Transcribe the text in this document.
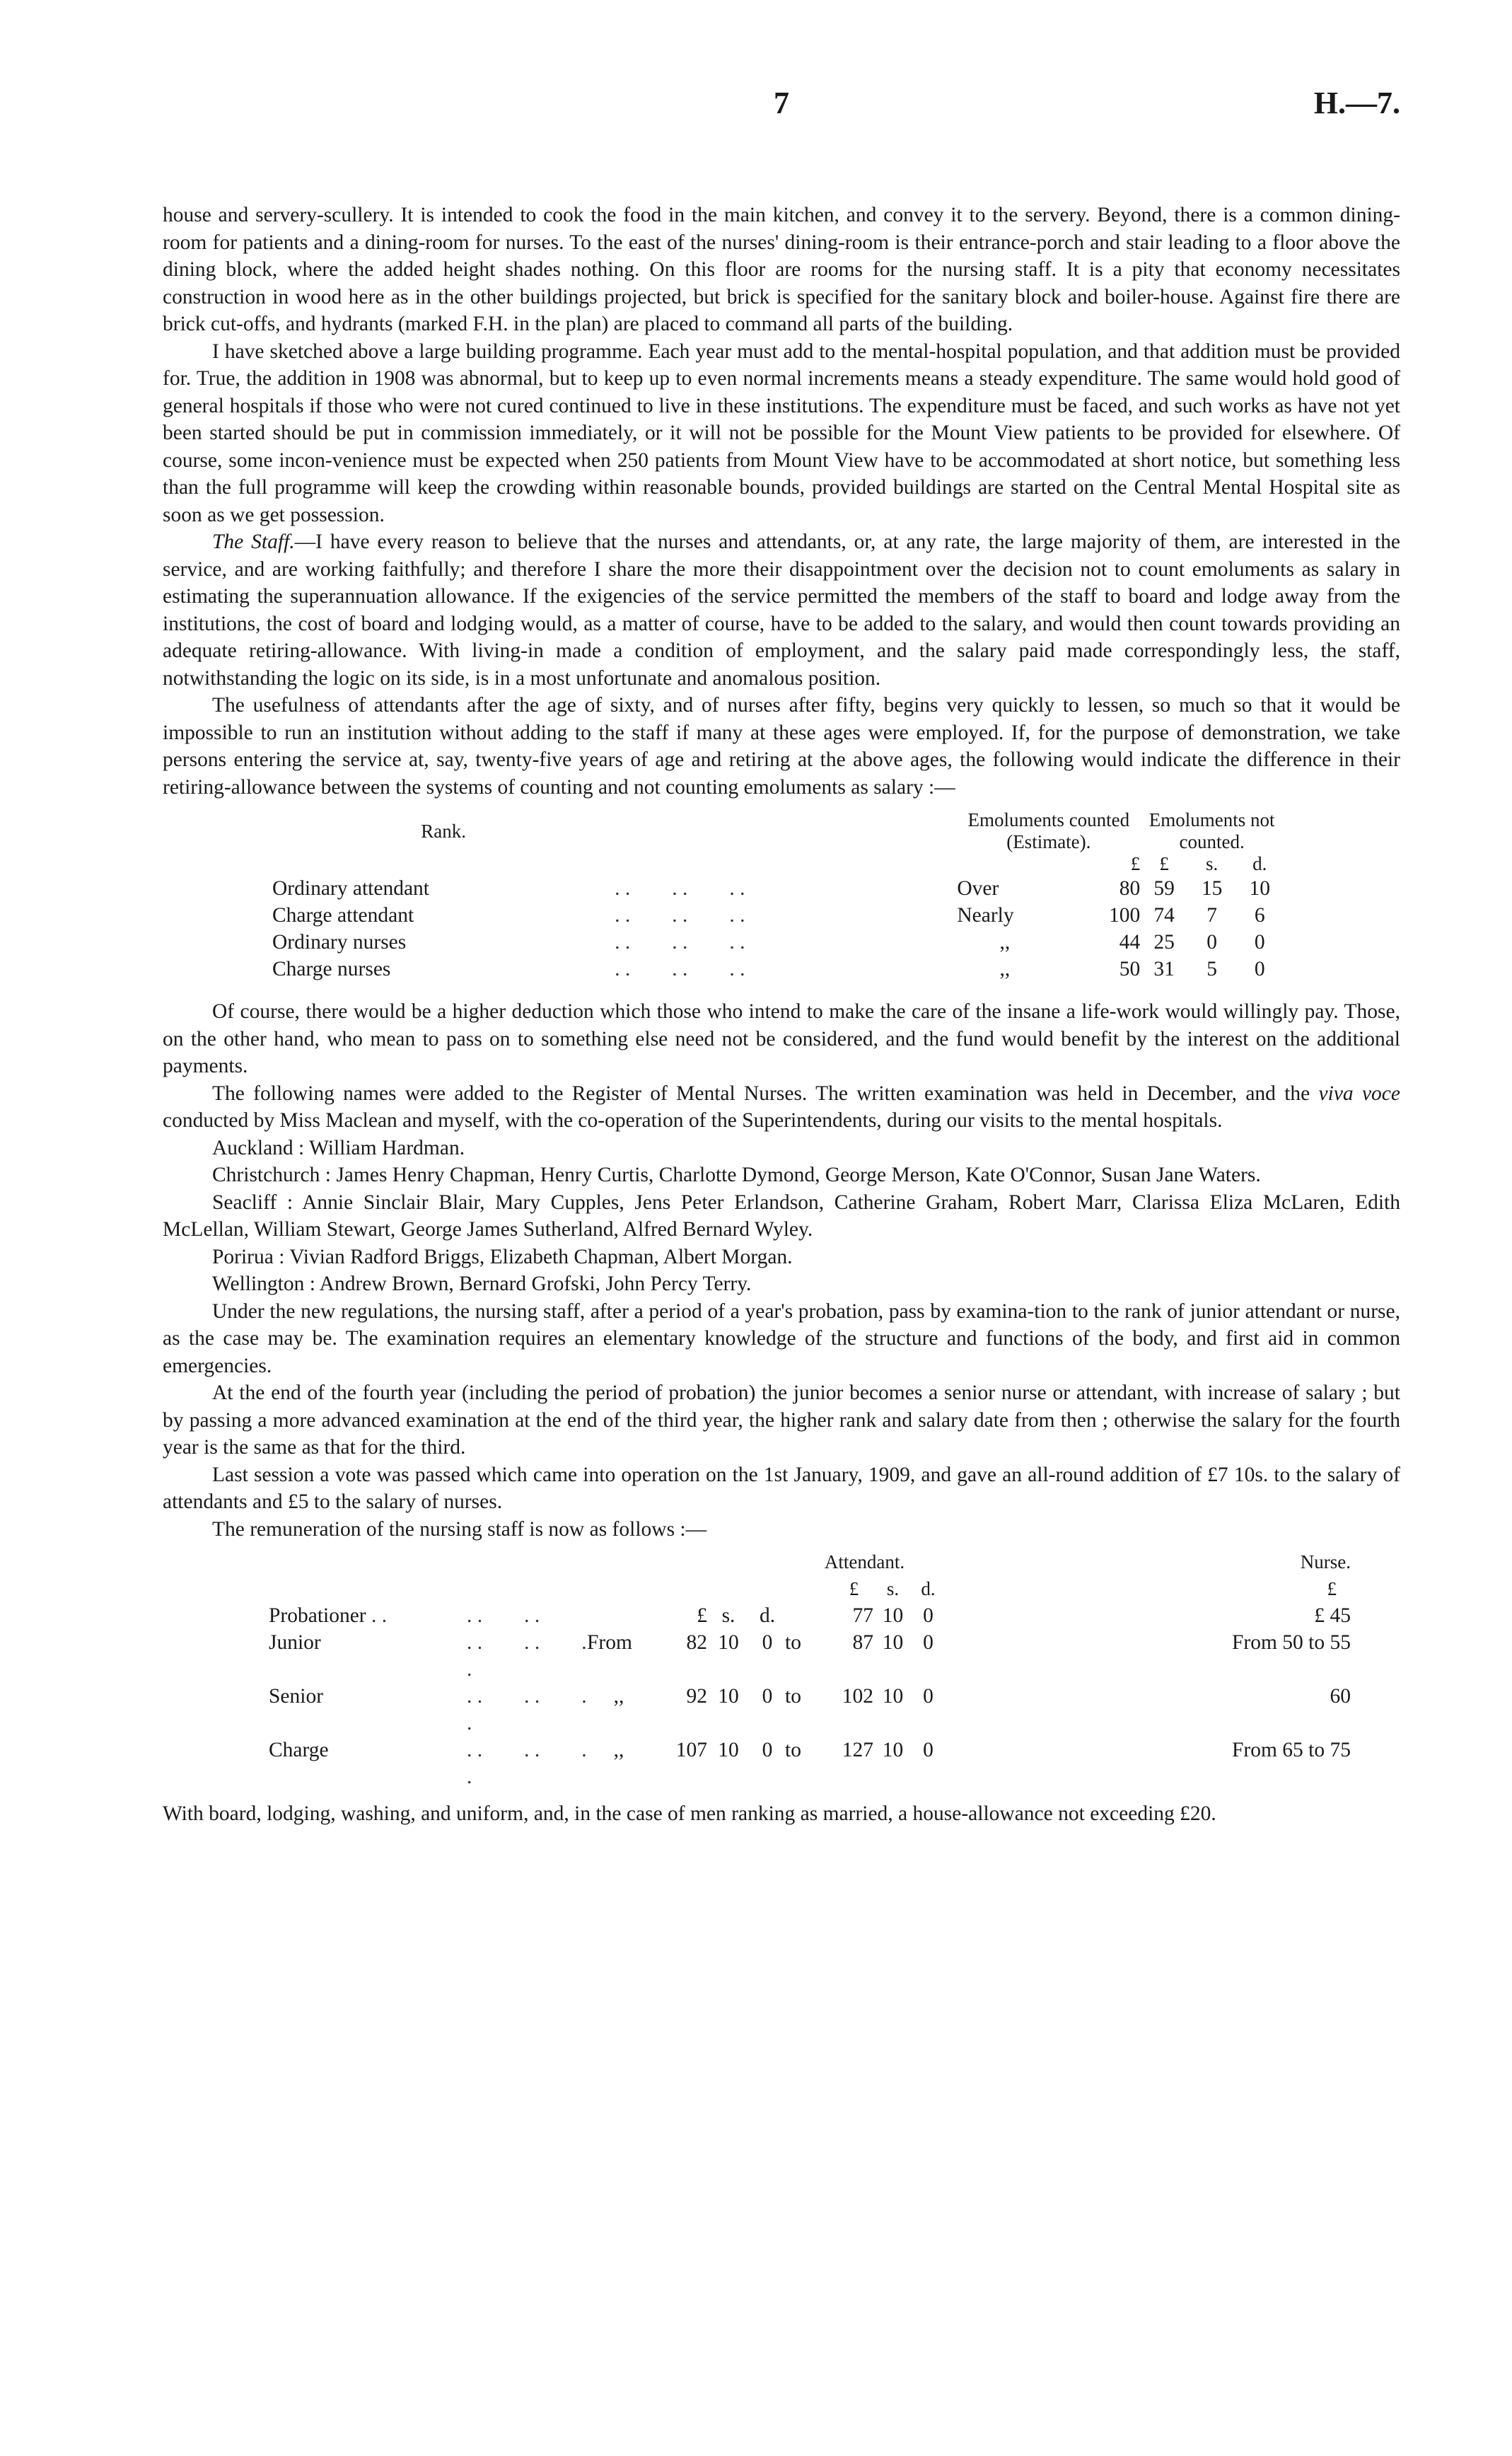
7	H.—7.

house and servery-scullery. It is intended to cook the food in the main kitchen, and convey it to the servery. Beyond, there is a common dining-room for patients and a dining-room for nurses. To the east of the nurses' dining-room is their entrance-porch and stair leading to a floor above the dining block, where the added height shades nothing. On this floor are rooms for the nursing staff. It is a pity that economy necessitates construction in wood here as in the other buildings projected, but brick is specified for the sanitary block and boiler-house. Against fire there are brick cut-offs, and hydrants (marked F.H. in the plan) are placed to command all parts of the building.

I have sketched above a large building programme. Each year must add to the mental-hospital population, and that addition must be provided for. True, the addition in 1908 was abnormal, but to keep up to even normal increments means a steady expenditure. The same would hold good of general hospitals if those who were not cured continued to live in these institutions. The expenditure must be faced, and such works as have not yet been started should be put in commission immediately, or it will not be possible for the Mount View patients to be provided for elsewhere. Of course, some incon-venience must be expected when 250 patients from Mount View have to be accommodated at short notice, but something less than the full programme will keep the crowding within reasonable bounds, provided buildings are started on the Central Mental Hospital site as soon as we get possession.

The Staff.—I have every reason to believe that the nurses and attendants, or, at any rate, the large majority of them, are interested in the service, and are working faithfully; and therefore I share the more their disappointment over the decision not to count emoluments as salary in estimating the superannuation allowance. If the exigencies of the service permitted the members of the staff to board and lodge away from the institutions, the cost of board and lodging would, as a matter of course, have to be added to the salary, and would then count towards providing an adequate retiring-allowance. With living-in made a condition of employment, and the salary paid made correspondingly less, the staff, notwithstanding the logic on its side, is in a most unfortunate and anomalous position.

The usefulness of attendants after the age of sixty, and of nurses after fifty, begins very quickly to lessen, so much so that it would be impossible to run an institution without adding to the staff if many at these ages were employed. If, for the purpose of demonstration, we take persons entering the service at, say, twenty-five years of age and retiring at the above ages, the following would indicate the difference in their retiring-allowance between the systems of counting and not counting emoluments as salary :—

Rank.		Emoluments counted (Estimate).		Emoluments not counted.		
			£	£	s.	d.
Ordinary attendant	. . . . . .	Over	80	59	15	10
Charge attendant	. . . . . .	Nearly	100	74	7	6
Ordinary nurses	. . . . . .	,,	44	25	0	0
Charge nurses	. . . . . .	,,	50	31	5	0

Of course, there would be a higher deduction which those who intend to make the care of the insane a life-work would willingly pay. Those, on the other hand, who mean to pass on to something else need not be considered, and the fund would benefit by the interest on the additional payments.

The following names were added to the Register of Mental Nurses. The written examination was held in December, and the viva voce conducted by Miss Maclean and myself, with the co-operation of the Superintendents, during our visits to the mental hospitals.

Auckland : William Hardman.

Christchurch : James Henry Chapman, Henry Curtis, Charlotte Dymond, George Merson, Kate O'Connor, Susan Jane Waters.

Seacliff : Annie Sinclair Blair, Mary Cupples, Jens Peter Erlandson, Catherine Graham, Robert Marr, Clarissa Eliza McLaren, Edith McLellan, William Stewart, George James Sutherland, Alfred Bernard Wyley.

Porirua : Vivian Radford Briggs, Elizabeth Chapman, Albert Morgan.

Wellington : Andrew Brown, Bernard Grofski, John Percy Terry.

Under the new regulations, the nursing staff, after a period of a year's probation, pass by examina-tion to the rank of junior attendant or nurse, as the case may be. The examination requires an elementary knowledge of the structure and functions of the body, and first aid in common emergencies.

At the end of the fourth year (including the period of probation) the junior becomes a senior nurse or attendant, with increase of salary ; but by passing a more advanced examination at the end of the third year, the higher rank and salary date from then ; otherwise the salary for the fourth year is the same as that for the third.

Last session a vote was passed which came into operation on the 1st January, 1909, and gave an all-round addition of £7 10s. to the salary of attendants and £5 to the salary of nurses.

The remuneration of the nursing staff is now as follows :—

						Attendant.				Nurse.
							£	s.	d.	£
Probationer . .	. . . .		£	s.	d.		77	10	0	£ 45
Junior	. . . . . .	From	82	10	0	to	87	10	0	From 50 to 55
Senior	. . . . . .	,,	92	10	0	to	102	10	0	60
Charge	. . . . . .	,,	107	10	0	to	127	10	0	From 65 to 75

With board, lodging, washing, and uniform, and, in the case of men ranking as married, a house-allowance not exceeding £20.
